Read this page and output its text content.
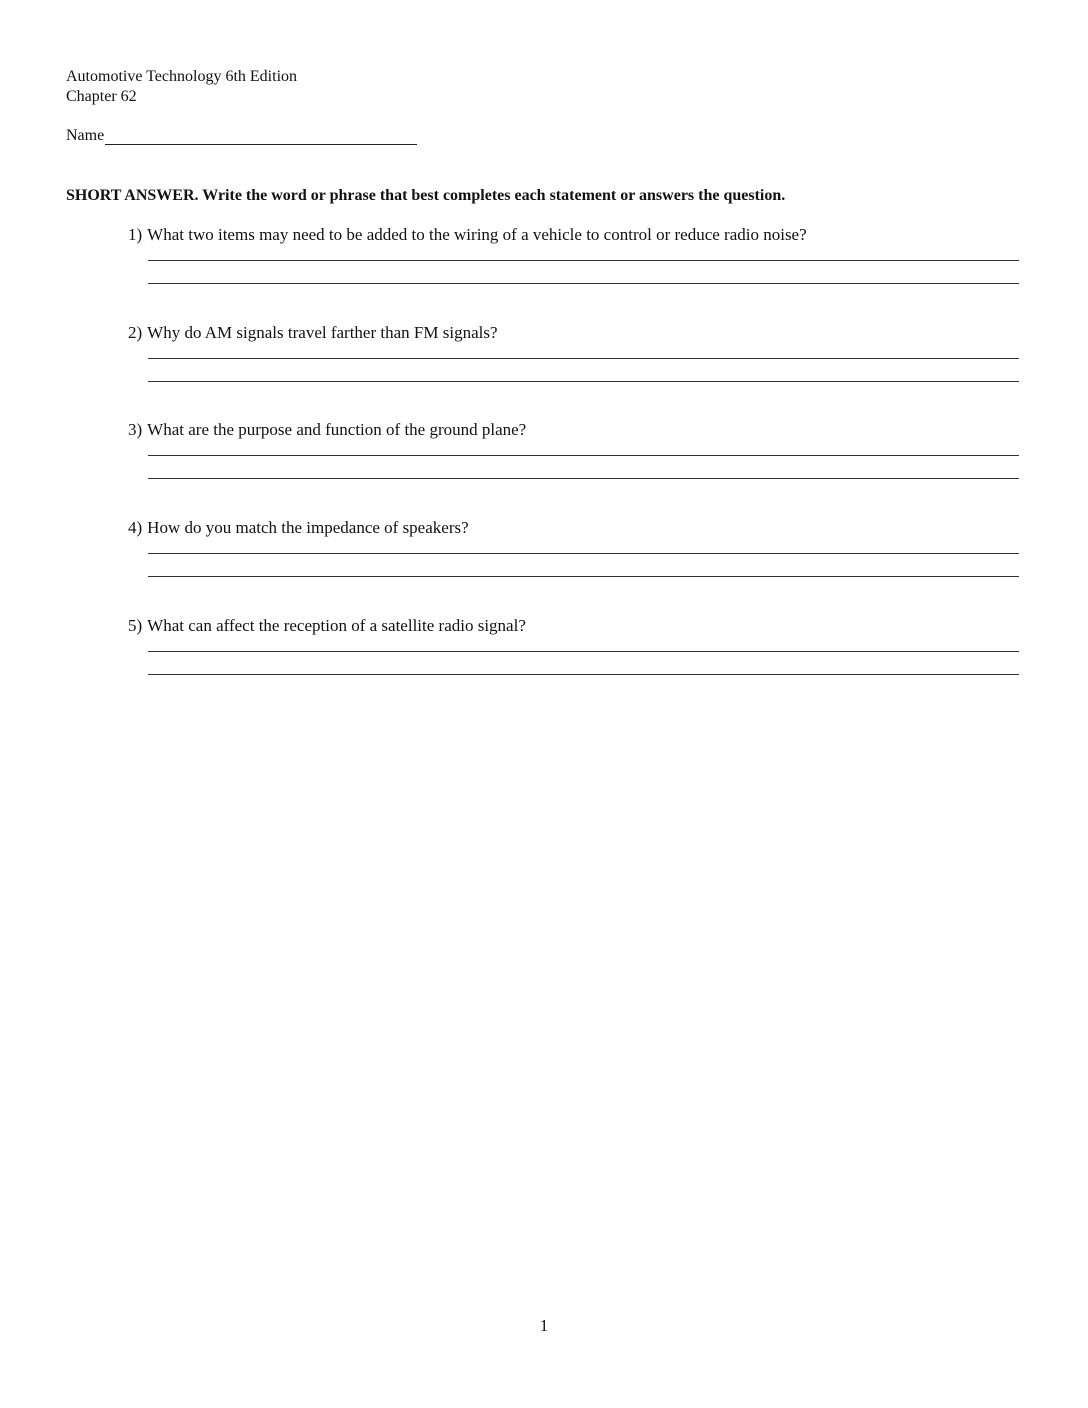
Automotive Technology 6th Edition
Chapter 62
Name
SHORT ANSWER. Write the word or phrase that best completes each statement or answers the question.
1) What two items may need to be added to the wiring of a vehicle to control or reduce radio noise?
2) Why do AM signals travel farther than FM signals?
3) What are the purpose and function of the ground plane?
4) How do you match the impedance of speakers?
5) What can affect the reception of a satellite radio signal?
1
